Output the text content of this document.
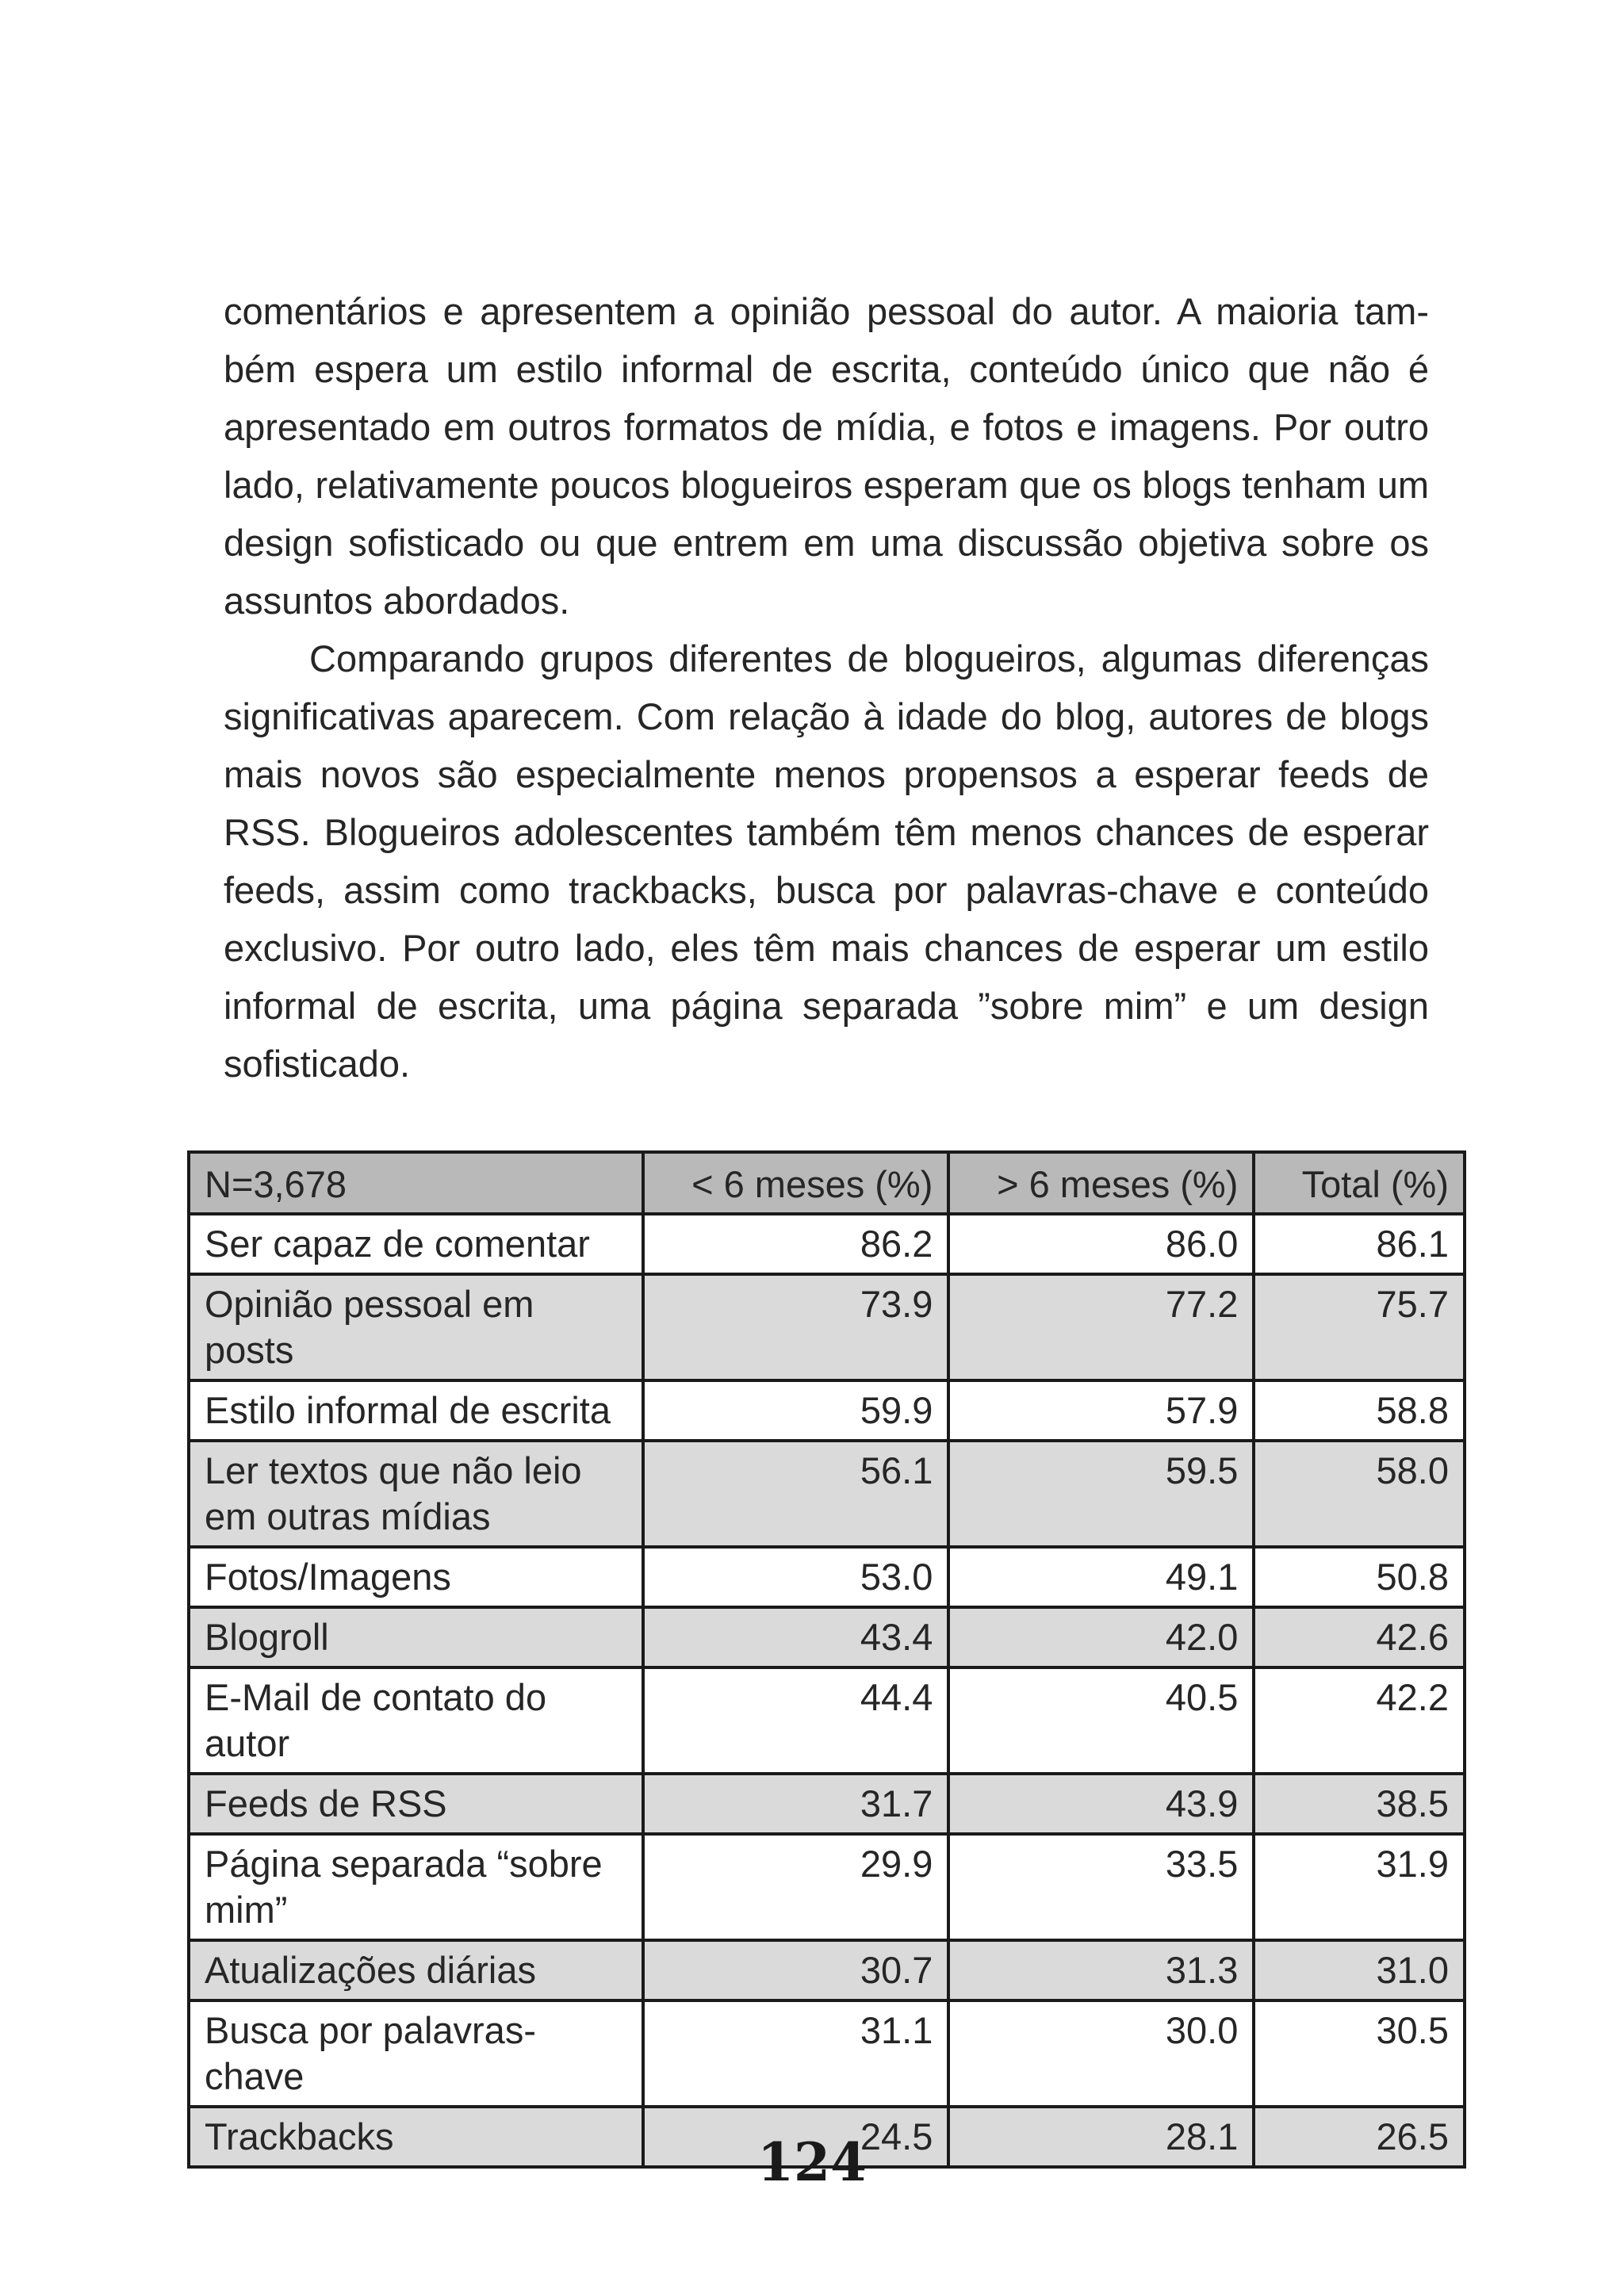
comentários e apresentem a opinião pessoal do autor. A maioria também espera um estilo informal de escrita, conteúdo único que não é apresentado em outros formatos de mídia, e fotos e imagens. Por outro lado, relativamente poucos blogueiros esperam que os blogs tenham um design sofisticado ou que entrem em uma discussão objetiva sobre os assuntos abordados.

Comparando grupos diferentes de blogueiros, algumas diferenças significativas aparecem. Com relação à idade do blog, autores de blogs mais novos são especialmente menos propensos a esperar feeds de RSS. Blogueiros adolescentes também têm menos chances de esperar feeds, assim como trackbacks, busca por palavras-chave e conteúdo exclusivo. Por outro lado, eles têm mais chances de esperar um estilo informal de escrita, uma página separada ”sobre mim” e um design sofisticado.

N=3,678	< 6 meses (%)	> 6 meses (%)	Total (%)
Ser capaz de comentar	86.2	86.0	86.1
Opinião pessoal em posts	73.9	77.2	75.7
Estilo informal de escrita	59.9	57.9	58.8
Ler textos que não leio em outras mídias	56.1	59.5	58.0
Fotos/Imagens	53.0	49.1	50.8
Blogroll	43.4	42.0	42.6
E-Mail de contato do autor	44.4	40.5	42.2
Feeds de RSS	31.7	43.9	38.5
Página separada “sobre mim”	29.9	33.5	31.9
Atualizações diárias	30.7	31.3	31.0
Busca por palavras-chave	31.1	30.0	30.5
Trackbacks	24.5	28.1	26.5
124
